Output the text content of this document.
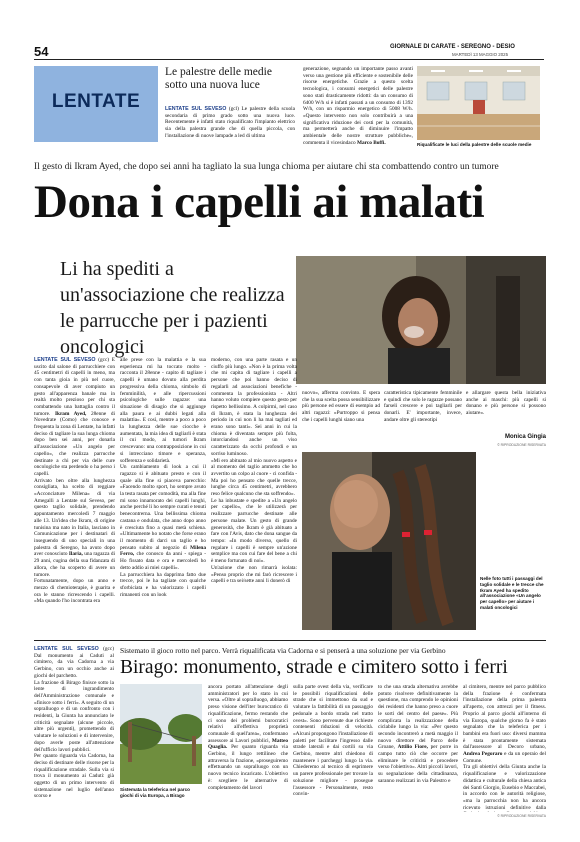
54	GIORNALE DI CARATE - SEREGNO - DESIO
MARTEDÌ 13 MAGGIO 2025
LENTATE
Le palestre delle medie sotto una nuova luce
LENTATE SUL SEVESO (gcl) Le palestre della scuola secondaria di primo grado sotto una nuova luce. Recentemente è infatti stato riqualificato l'impianto elettrico sia della palestra grande che di quella piccola, con l'installazione di nuove lampade a led di ultima
generazione, segnando un importante passo avanti verso una gestione più efficiente e sostenibile delle risorse energetiche. Grazie a questo scelta tecnologica, i consumi energetici delle palestre sono stati drasticamente ridotti: da un consumo di 6400 W/h si è infatti passati a un consumo di 1392 W/h, con un risparmio energetico di 5008 W/h. «Questo intervento non solo contribuirà a una significativa riduzione dei costi per la comunità, ma permetterà anche di diminuire l'impatto ambientale delle nostre strutture pubbliche», commenta il vicesindaco Marco Boffi.	Riqualificate le luci della palestre delle scuole medie
Il gesto di Ikram Ayed, che dopo sei anni ha tagliato la sua lunga chioma per aiutare chi sta combattendo contro un tumore
Dona i capelli ai malati
Li ha spediti a un'associazione che realizza le parrucche per i pazienti oncologici
LENTATE SUL SEVESO (gcc) E uscito dal salone di parrucchiere con 45 centimetri di capelli in meno, ma con tanta gioia in più nel cuore, consapevole di aver compiuto un gesto all'apparenza banale ma in realtà molto prezioso per chi sta combattendo una battaglia contro il tumore. Ikram Ayed, 28enne di Novedrate (Como) che conosce e frequenta la zona di Lentate, ha infatti deciso di tagliare la sua lunga chioma dopo ben sei anni, per donarla all'associazione «Un angelo per capello», che realizza parrucche destinate a chi per via delle cure oncologiche sta perdendo o ha perso i capelli.
Arrivato ben oltre alla lunghezza consigliata, ha scelto di reggiare «Acconciature Milena» di via Amegalli a Lentate sul Seveso, per questo taglio solidale, prendendo appuntamento mercoledì 7 maggio alle 13. Un'idea che Ikram, di origine tunisina ma nato in Italia, lasciano in Comunicazione per i destinatari di inseguendo di uno speciali in una palestra di Seregno, ha avuto dopo aver conosciuto Ilaria, una ragazza di 29 anni, cugina della sua fidanzata di allora, che ha scoperto di avere un tumore.
Fortunatamente, dopo un anno e mezzo di chemioterapie, è guarita e ora le stanno ricrescendo i capelli. «Ma quando l'ho incontrata era
alle prese con la malattia e la sua esperienza mi ha toccato molto - racconta il 28enne - capito di tagliare i capelli è umano dovuto alla perdita progressiva della chioma, simbolo di femminilità, e alle ripercussioni psicologiche sulle ragazze: una situazione di disagio che si aggiunge alla paura e ai dubbi legati alla malattia». E così, mentre a poco a poco la lunghezza delle sue ciocche è aumentata, la mia idea di tagliarli è stata il cui modo, ai tumori Ikram crescevano: una contrapposizione in cui si intrecciano timore e speranza, sofferenza e solidarietà.
Un cambiamento di look a cui il ragazzo si è abituato presto e con il quale alla fine si piaceva parecchio: «Facendo molto sport, ho sempre avuto la testa rasata per comodità, ma alla fine mi sono innamorato dei capelli lunghi, anche perché li ho sempre curati e tenuti benecontrerna. Una bellissima chioma castana e ondulata, che anno dopo anno è cresciuta fino a quasi metà schiena. «Ultimamente ho notato che forse erano il momento di darci un taglio e ho pensato subito al negozio di Milena Ferro, che conosco da anni - spiega - Ho fissato data e ora e mercoledì ho detto addio ai miei capelli».
La parrucchiera ha dapprima fatto due trecce, poi le ha tagliate con qualche sforbiciata e ha valorizzato i capelli rimanenti con un look
moderno, con una parte rasata e un ciuffo più lungo. «Non è la prima volta che mi capita di tagliare i capelli a persone che poi hanno deciso di regalarli ad associazioni benefiche - commenta la professionista - Altri hanno voluto compiere questo gesto per rispetto bellissimo. A colpirmi, nel caso di Ikram, è stata la lunghezza dei periodo in cui non li ha mai tagliati ed erano sono tanti». Sei anni in cui la chioma è diventata sempre più folta, intorciandosi anche un viso caratterizzato da occhi profondi e un sorriso luminoso.
«Mi ero abituato al mio nuovo aspetto e al momento del taglio ammetto che ho avvertito un colpo al cuore - ci confida - Ma poi ho pensato che quelle trecce, lunghe circa 45 centimetri, avrebbero reso felice qualcuno che sta soffrendo».
Le ha inbustate e spedite a «Un angelo per capello», che le utilizzerà per realizzare parrucche destinate alle persone malate. Un gesto di grande generosità, che Ikram è già abituato a fare con l'Avis, dato che dona sangue da tempo: «In modo diverso, quello di regalare i capelli è sempre un'azione semplice ma con cui fare del bene a chi è meno fortunato di noi».
Un'azione che non rimarrà isolata: «Penso proprio che mi farò ricrescere i capelli e tra sei/sette anni li donerò di
nuovo», afferma convinto. E spera che la sua scelta possa sensibilizzare più persone ed essere di esempio ad altri ragazzi: «Purtroppo si pensa che i capelli lunghi siano una
caratteristica tipicamente femminile e quindi che solo le ragazze possano farseli crescere e poi tagliarli per donarli. E' importante, invece, andare oltre gli stereotipi
e allargare questa bella iniziativa anche ai maschi: più capelli si donano e più persone si possono aiutare».
Monica Gingia
© RIPRODUZIONE RISERVATA
Nelle foto tutti i passaggi del taglio solidale e le trecce che Ikram Ayed ha spedito all'associazione «Un angelo per capello» per aiutare i malati oncologici
LENTATE SUL SEVESO (gcc) Dal monumento ai Caduti al cimitero, da via Cadorna a via Gerbino, con un occhio anche ai giochi del parchetto.
La frazione di Birago finisce sotto la lente di ingrandimento dell'Amministrazione comunale e «finisce sotto i ferri». A seguito di un sopralluogo e di un confronto con i residenti, la Giunta ha annunciato le criticità segnalate (alcune piccole, altre più urgenti), promettendo di valutare le soluzioni e di intervenire, dopo averle poste all'attenzione dell'ufficio lavori pubblici.
Per quanto riguarda via Cadorna, ha deciso di destinare delle risorse per la riqualificazione stradale. Sulla via si trova il monumento ai Caduti: già oggetto di un primo intervento di sistemazione nel luglio dell'anno scorso e
Sistemato il gioco rotto nel parco. Verrà riqualificata via Cadorna e si penserà a una soluzione per via Gerbino
Birago: monumento, strade e cimitero sotto i ferri
Sistemata la teleferica nel parco giochi di via Europa, a Birago
ancora portato all'attenzione degli amministratori per lo stato in cui versa. «Oltre al sopralluogo, abbiamo preso visione dell'iter burocratico di riqualificazione, fermo restando che ci sono dei problemi burocratici relativi all'effettiva proprietà comunale di quell'area», confermano assessore ai Lavori pubblici, Matteo Quaglia. Per quanto riguarda via Gerbino, il lungo rettilineo che attraversa la frazione, «proseguiremo effettuando un sopralluogo con un nuovo tecnico incaricato. L'obiettivo è: scegliere le alternative di completamento del lavori
sulla parte ovest della via, verificare le possibili riqualificazioni delle strade che si immettono da sud e valutare la fattibilità di un passaggio pedonale a bordo strada nel tratto ovest». Sono pervenute due richieste contenenti riduzioni di velocità. «Alcuni propongono l'installazione di paletti per facilitare l'ingresso dalle strade laterali e dai cortili su via Gerbino, mentre altri chiedono di mantenere i parcheggi lungo la via. Chiederemo al tecnico di esprimere un parere professionale per trovare la soluzione migliore - prosegue l'assessore - Personalmente, resto convin-
to che una strada alternativa avrebbe potuto risolvere definitivamente la questione, ma comprendo le opinioni dei residenti che hanno preso a cuore le sorti del centro del paese». Più complicata la realizzazione della ciclabile lungo la via: «Per questo secondo incontrerò a metà maggio il nuovo direttore del Parco delle Groane, Attilio Fiore, per porre in campo tutto ciò che occorre per eliminare le criticità e procedere verso l'obiettivo». Altri piccoli lavori, su segnalazione della cittadinanza, saranno realizzati in via Palestro e
al cimitero, mentre nel parco pubblico della frazione è confermata l'installazione della prima palestra all'aperto, con attrezzi per il fitness. Proprio al parco giochi all'interno di via Europa, qualche giorno fa è stato segnalato che la teleferica per i bambini era fuori uso: diversi mamma è stata prontamente sistemata dall'assessore al Decoro urbano, Andrea Pegoraro e da un operaio del Comune.
Tra gli obiettivi della Giunta anche la riqualificazione e valorizzazione didattica e culturale della chiesa antica dei Santi Giorgio, Eusebio e Maccabei, in accordo con le autorità religiose, «ma la parrocchia non ha ancora ricevuto istruzioni definitive dalla
© RIPRODUZIONE RISERVATA
